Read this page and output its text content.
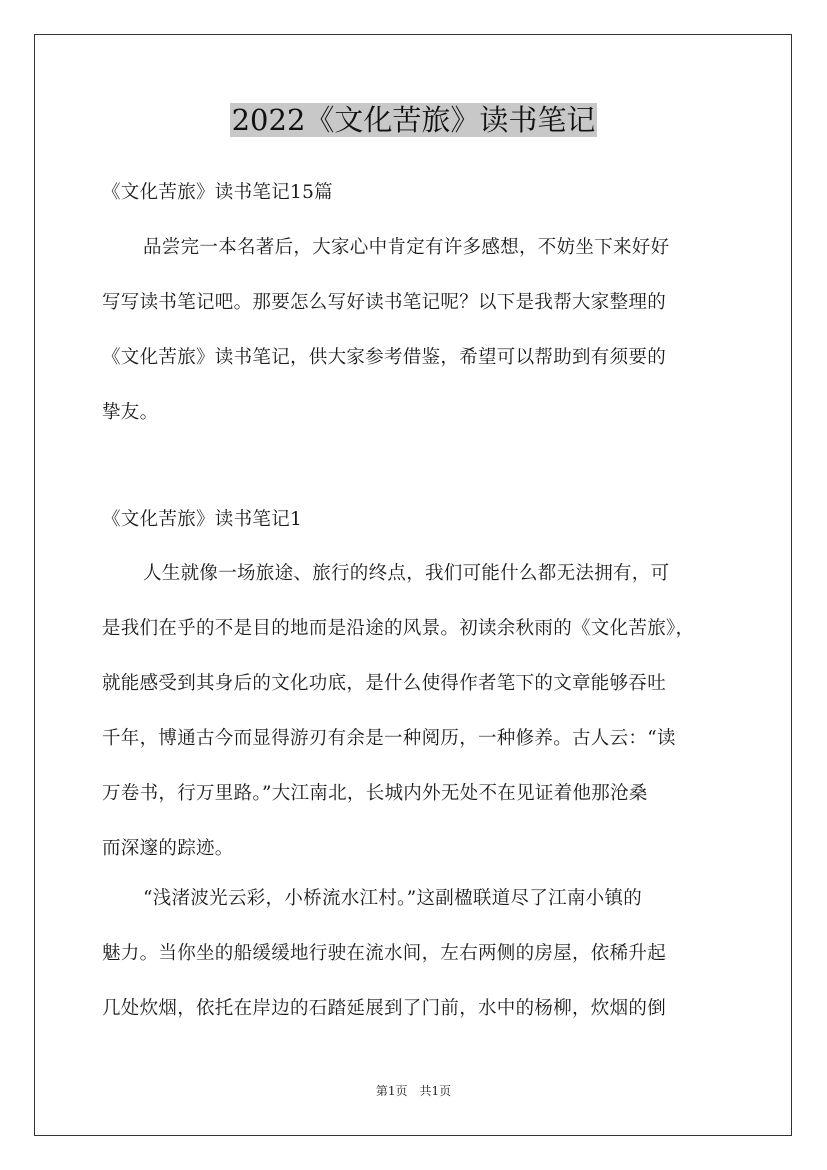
2022《文化苦旅》读书笔记
《文化苦旅》读书笔记15篇
品尝完一本名著后，大家心中肯定有许多感想，不妨坐下来好好
写写读书笔记吧。那要怎么写好读书笔记呢？以下是我帮大家整理的
《文化苦旅》读书笔记，供大家参考借鉴，希望可以帮助到有须要的
挚友。
《文化苦旅》读书笔记1
人生就像一场旅途、旅行的终点，我们可能什么都无法拥有，可
是我们在乎的不是目的地而是沿途的风景。初读余秋雨的《文化苦旅》，
就能感受到其身后的文化功底，是什么使得作者笔下的文章能够吞吐
千年，博通古今而显得游刃有余是一种阅历，一种修养。古人云：“读
万卷书，行万里路。”大江南北，长城内外无处不在见证着他那沧桑
而深邃的踪迹。
“浅渚波光云彩，小桥流水江村。”这副楹联道尽了江南小镇的
魅力。当你坐的船缓缓地行驶在流水间，左右两侧的房屋，依稀升起
几处炊烟，依托在岸边的石踏延展到了门前，水中的杨柳，炊烟的倒
第1页　共1页
